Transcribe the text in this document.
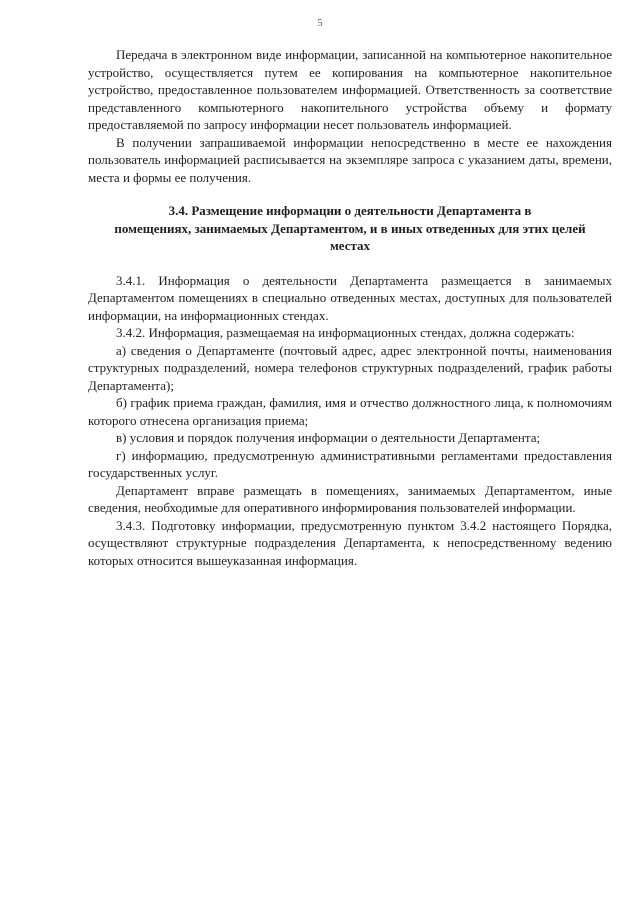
5

Передача в электронном виде информации, записанной на компьютерное накопительное устройство, осуществляется путем ее копирования на компьютерное накопительное устройство, предоставленное пользователем информацией. Ответственность за соответствие представленного компьютерного накопительного устройства объему и формату предоставляемой по запросу информации несет пользователь информацией.

В получении запрашиваемой информации непосредственно в месте ее нахождения пользователь информацией расписывается на экземпляре запроса с указанием даты, времени, места и формы ее получения.

3.4. Размещение информации о деятельности Департамента в
помещениях, занимаемых Департаментом, и в иных отведенных для этих целей
местах

3.4.1. Информация о деятельности Департамента размещается в занимаемых Департаментом помещениях в специально отведенных местах, доступных для пользователей информации, на информационных стендах.

3.4.2. Информация, размещаемая на информационных стендах, должна содержать:

а) сведения о Департаменте (почтовый адрес, адрес электронной почты, наименования структурных подразделений, номера телефонов структурных подразделений, график работы Департамента);

б) график приема граждан, фамилия, имя и отчество должностного лица, к полномочиям которого отнесена организация приема;

в) условия и порядок получения информации о деятельности Департамента;

г) информацию, предусмотренную административными регламентами предоставления государственных услуг.

Департамент вправе размещать в помещениях, занимаемых Департаментом, иные сведения, необходимые для оперативного информирования пользователей информации.

3.4.3. Подготовку информации, предусмотренную пунктом 3.4.2 настоящего Порядка, осуществляют структурные подразделения Департамента, к непосредственному ведению которых относится вышеуказанная информация.
